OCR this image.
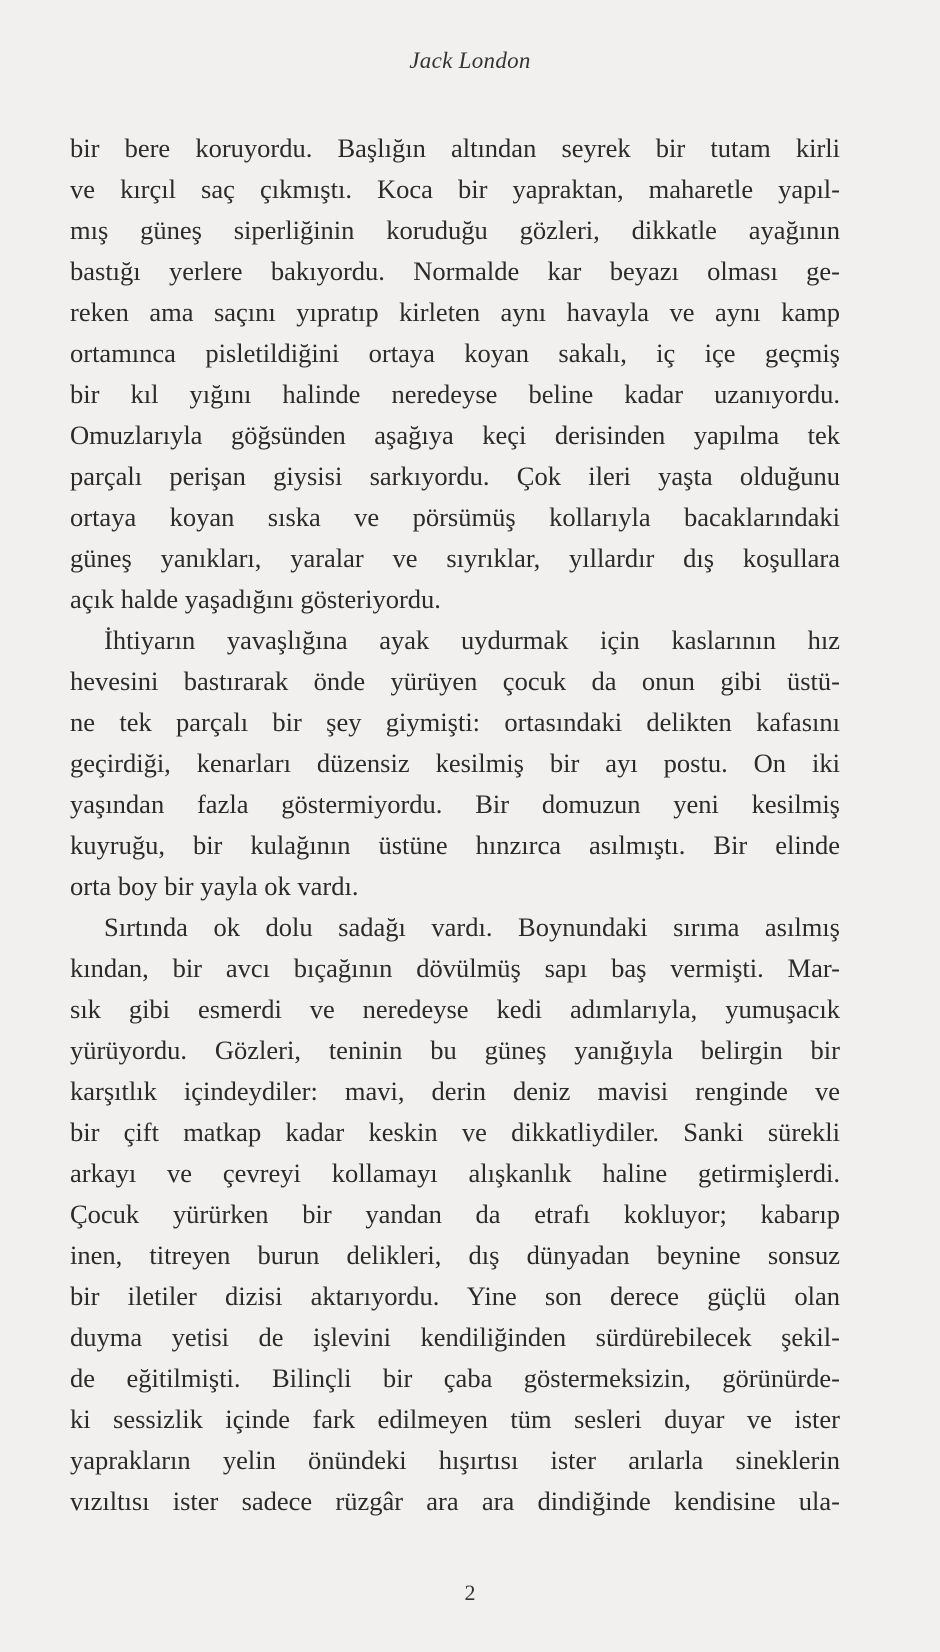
Jack London
bir bere koruyordu. Başlığın altından seyrek bir tutam kirli
ve kırçıl saç çıkmıştı. Koca bir yapraktan, maharetle yapıl-
mış güneş siperliğinin koruduğu gözleri, dikkatle ayağının
bastığı yerlere bakıyordu. Normalde kar beyazı olması ge-
reken ama saçını yıpratıp kirleten aynı havayla ve aynı kamp
ortamınca pisletildiğini ortaya koyan sakalı, iç içe geçmiş
bir kıl yığını halinde neredeyse beline kadar uzanıyordu.
Omuzlarıyla göğsünden aşağıya keçi derisinden yapılma tek
parçalı perişan giysisi sarkıyordu. Çok ileri yaşta olduğunu
ortaya koyan sıska ve pörsümüş kollarıyla bacaklarındaki
güneş yanıkları, yaralar ve sıyrıklar, yıllardır dış koşullara
açık halde yaşadığını gösteriyordu.
İhtiyarın yavaşlığına ayak uydurmak için kaslarının hız
hevesini bastırarak önde yürüyen çocuk da onun gibi üstü-
ne tek parçalı bir şey giymişti: ortasındaki delikten kafasını
geçirdiği, kenarları düzensiz kesilmiş bir ayı postu. On iki
yaşından fazla göstermiyordu. Bir domuzun yeni kesilmiş
kuyruğu, bir kulağının üstüne hınzırca asılmıştı. Bir elinde
orta boy bir yayla ok vardı.
Sırtında ok dolu sadağı vardı. Boynundaki sırıma asılmış
kından, bir avcı bıçağının dövülmüş sapı baş vermişti. Mar-
sık gibi esmerdi ve neredeyse kedi adımlarıyla, yumuşacık
yürüyordu. Gözleri, teninin bu güneş yanığıyla belirgin bir
karşıtlık içindeydiler: mavi, derin deniz mavisi renginde ve
bir çift matkap kadar keskin ve dikkatliydiler. Sanki sürekli
arkayı ve çevreyi kollamayı alışkanlık haline getirmişlerdi.
Çocuk yürürken bir yandan da etrafı kokluyor; kabarıp
inen, titreyen burun delikleri, dış dünyadan beynine sonsuz
bir iletiler dizisi aktarıyordu. Yine son derece güçlü olan
duyma yetisi de işlevini kendiliğinden sürdürebilecek şekil-
de eğitilmişti. Bilinçli bir çaba göstermeksizin, görünürde-
ki sessizlik içinde fark edilmeyen tüm sesleri duyar ve ister
yaprakların yelin önündeki hışırtısı ister arılarla sineklerin
vızıltısı ister sadece rüzgâr ara ara dindiğinde kendisine ula-
2
